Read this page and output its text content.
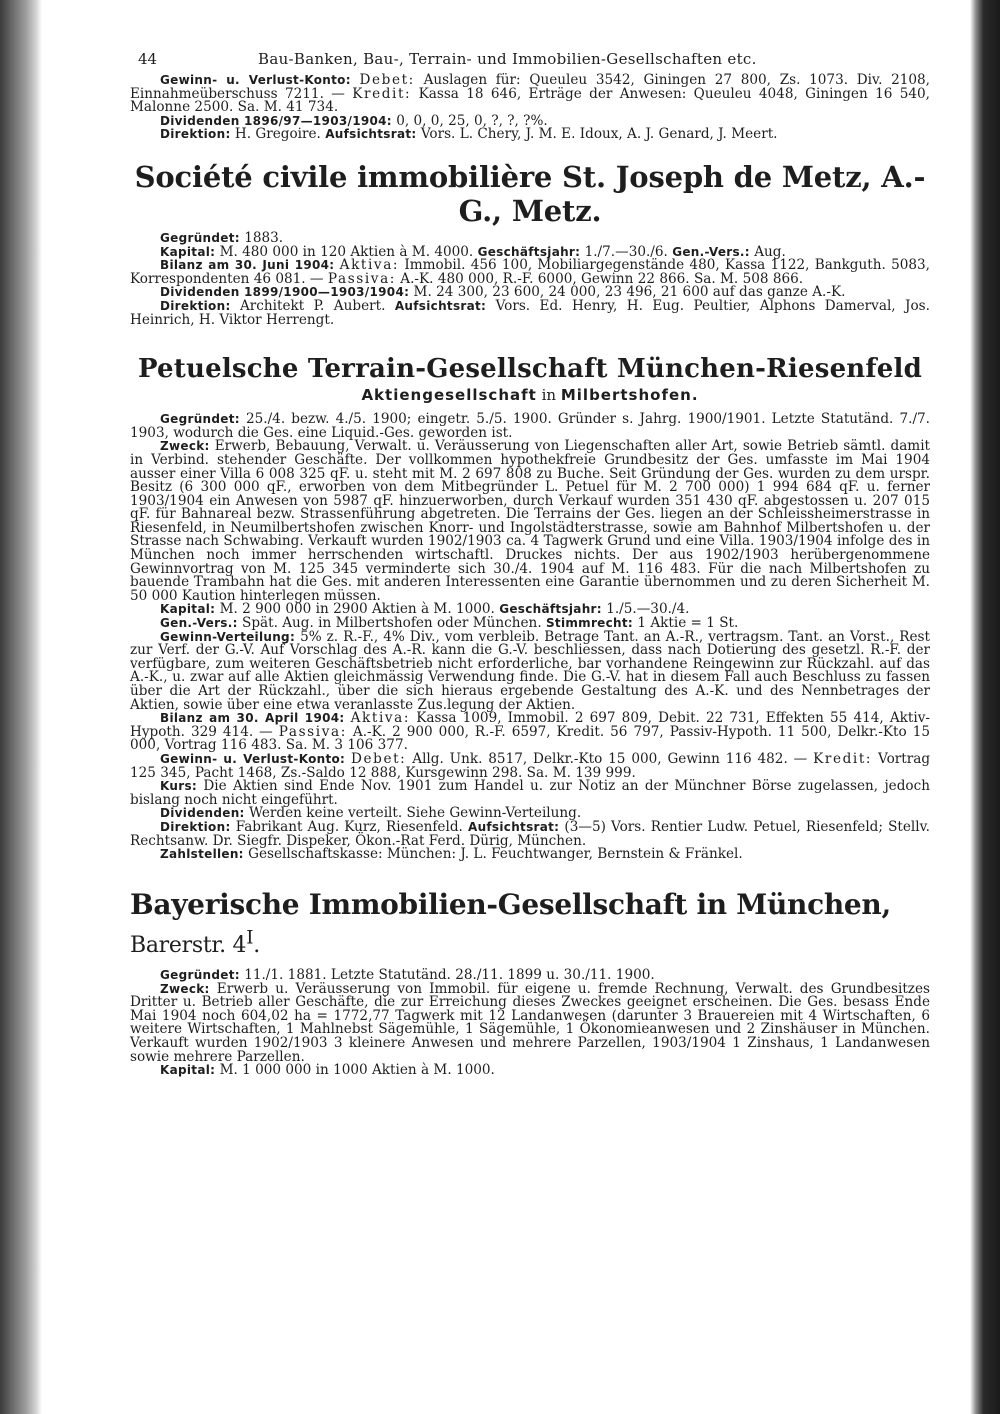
44	Bau-Banken, Bau-, Terrain- und Immobilien-Gesellschaften etc.

Gewinn- u. Verlust-Konto: Debet: Auslagen für: Queuleu 3542, Giningen 27 800, Zs. 1073. Div. 2108, Einnahmeüberschuss 7211. — Kredit: Kassa 18 646, Erträge der Anwesen: Queuleu 4048, Giningen 16 540, Malonne 2500. Sa. M. 41 734.

Dividenden 1896/97—1903/1904: 0, 0, 0, 25, 0, ?, ?, ?%.

Direktion: H. Gregoire. Aufsichtsrat: Vors. L. Chery, J. M. E. Idoux, A. J. Genard, J. Meert.

Société civile immobilière St. Joseph de Metz, A.-G., Metz.

Gegründet: 1883.

Kapital: M. 480 000 in 120 Aktien à M. 4000. Geschäftsjahr: 1./7.—30./6. Gen.-Vers.: Aug.

Bilanz am 30. Juni 1904: Aktiva: Immobil. 456 100, Mobiliargegenstände 480, Kassa 1122, Bankguth. 5083, Korrespondenten 46 081. — Passiva: A.-K. 480 000, R.-F. 6000, Gewinn 22 866. Sa. M. 508 866.

Dividenden 1899/1900—1903/1904: M. 24 300, 23 600, 24 000, 23 496, 21 600 auf das ganze A.-K.

Direktion: Architekt P. Aubert. Aufsichtsrat: Vors. Ed. Henry, H. Eug. Peultier, Alphons Damerval, Jos. Heinrich, H. Viktor Herrengt.

Petuelsche Terrain-Gesellschaft München-Riesenfeld
Aktiengesellschaft in Milbertshofen.

Gegründet: 25./4. bezw. 4./5. 1900; eingetr. 5./5. 1900. Gründer s. Jahrg. 1900/1901. Letzte Statutänd. 7./7. 1903, wodurch die Ges. eine Liquid.-Ges. geworden ist.

Zweck: Erwerb, Bebauung, Verwalt. u. Veräusserung von Liegenschaften aller Art, sowie Betrieb sämtl. damit in Verbind. stehender Geschäfte. Der vollkommen hypothekfreie Grundbesitz der Ges. umfasste im Mai 1904 ausser einer Villa 6 008 325 qF. u. steht mit M. 2 697 808 zu Buche. Seit Gründung der Ges. wurden zu dem urspr. Besitz (6 300 000 qF., erworben von dem Mitbegründer L. Petuel für M. 2 700 000) 1 994 684 qF. u. ferner 1903/1904 ein Anwesen von 5987 qF. hinzuerworben, durch Verkauf wurden 351 430 qF. abgestossen u. 207 015 qF. für Bahnareal bezw. Strassenführung abgetreten. Die Terrains der Ges. liegen an der Schleissheimerstrasse in Riesenfeld, in Neumilbertshofen zwischen Knorr- und Ingolstädterstrasse, sowie am Bahnhof Milbertshofen u. der Strasse nach Schwabing. Verkauft wurden 1902/1903 ca. 4 Tagwerk Grund und eine Villa. 1903/1904 infolge des in München noch immer herrschenden wirtschaftl. Druckes nichts. Der aus 1902/1903 herübergenommene Gewinnvortrag von M. 125 345 verminderte sich 30./4. 1904 auf M. 116 483. Für die nach Milbertshofen zu bauende Trambahn hat die Ges. mit anderen Interessenten eine Garantie übernommen und zu deren Sicherheit M. 50 000 Kaution hinterlegen müssen.

Kapital: M. 2 900 000 in 2900 Aktien à M. 1000. Geschäftsjahr: 1./5.—30./4.

Gen.-Vers.: Spät. Aug. in Milbertshofen oder München. Stimmrecht: 1 Aktie = 1 St.

Gewinn-Verteilung: 5% z. R.-F., 4% Div., vom verbleib. Betrage Tant. an A.-R., vertragsm. Tant. an Vorst., Rest zur Verf. der G.-V. Auf Vorschlag des A.-R. kann die G.-V. beschliessen, dass nach Dotierung des gesetzl. R.-F. der verfügbare, zum weiteren Geschäftsbetrieb nicht erforderliche, bar vorhandene Reingewinn zur Rückzahl. auf das A.-K., u. zwar auf alle Aktien gleichmässig Verwendung finde. Die G.-V. hat in diesem Fall auch Beschluss zu fassen über die Art der Rückzahl., über die sich hieraus ergebende Gestaltung des A.-K. und des Nennbetrages der Aktien, sowie über eine etwa veranlasste Zus.legung der Aktien.

Bilanz am 30. April 1904: Aktiva: Kassa 1009, Immobil. 2 697 809, Debit. 22 731, Effekten 55 414, Aktiv-Hypoth. 329 414. — Passiva: A.-K. 2 900 000, R.-F. 6597, Kredit. 56 797, Passiv-Hypoth. 11 500, Delkr.-Kto 15 000, Vortrag 116 483. Sa. M. 3 106 377.

Gewinn- u. Verlust-Konto: Debet: Allg. Unk. 8517, Delkr.-Kto 15 000, Gewinn 116 482. — Kredit: Vortrag 125 345, Pacht 1468, Zs.-Saldo 12 888, Kursgewinn 298. Sa. M. 139 999.

Kurs: Die Aktien sind Ende Nov. 1901 zum Handel u. zur Notiz an der Münchner Börse zugelassen, jedoch bislang noch nicht eingeführt.

Dividenden: Werden keine verteilt. Siehe Gewinn-Verteilung.

Direktion: Fabrikant Aug. Kurz, Riesenfeld. Aufsichtsrat: (3—5) Vors. Rentier Ludw. Petuel, Riesenfeld; Stellv. Rechtsanw. Dr. Siegfr. Dispeker, Ökon.-Rat Ferd. Dürig, München.

Zahlstellen: Gesellschaftskasse: München: J. L. Feuchtwanger, Bernstein & Fränkel.

Bayerische Immobilien-Gesellschaft in München, Barerstr. $4^I$.

Gegründet: 11./1. 1881. Letzte Statutänd. 28./11. 1899 u. 30./11. 1900.

Zweck: Erwerb u. Veräusserung von Immobil. für eigene u. fremde Rechnung, Verwalt. des Grundbesitzes Dritter u. Betrieb aller Geschäfte, die zur Erreichung dieses Zweckes geeignet erscheinen. Die Ges. besass Ende Mai 1904 noch 604,02 ha = 1772,77 Tagwerk mit 12 Landanwesen (darunter 3 Brauereien mit 4 Wirtschaften, 6 weitere Wirtschaften, 1 Mahlnebst Sägemühle, 1 Sägemühle, 1 Ökonomieanwesen und 2 Zinshäuser in München. Verkauft wurden 1902/1903 3 kleinere Anwesen und mehrere Parzellen, 1903/1904 1 Zinshaus, 1 Landanwesen sowie mehrere Parzellen.

Kapital: M. 1 000 000 in 1000 Aktien à M. 1000.
